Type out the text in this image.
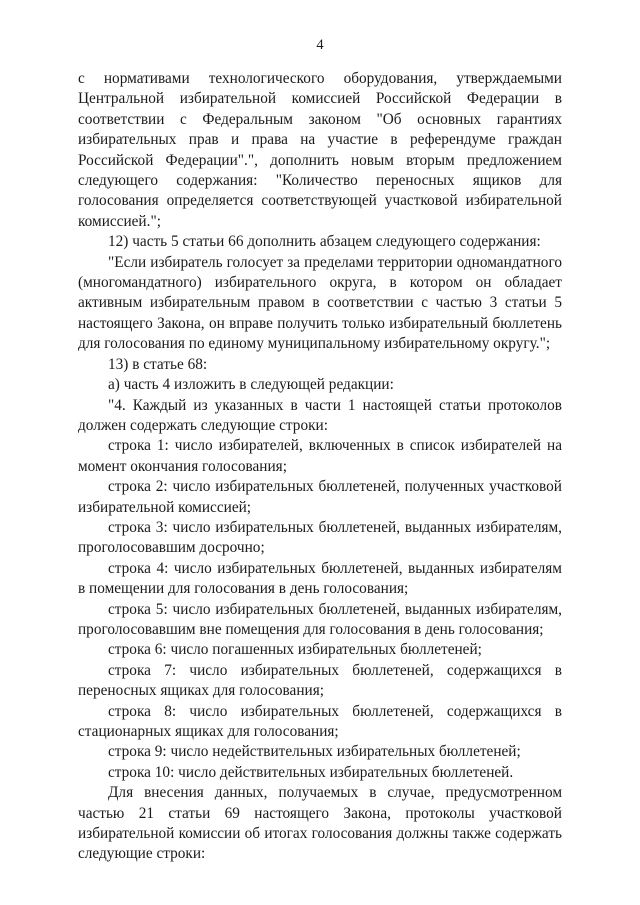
4

с нормативами технологического оборудования, утверждаемыми Центральной избирательной комиссией Российской Федерации в соответствии с Федеральным законом "Об основных гарантиях избирательных прав и права на участие в референдуме граждан Российской Федерации".", дополнить новым вторым предложением следующего содержания: "Количество переносных ящиков для голосования определяется соответствующей участковой избирательной комиссией.";

12) часть 5 статьи 66 дополнить абзацем следующего содержания:

"Если избиратель голосует за пределами территории одномандатного (многомандатного) избирательного округа, в котором он обладает активным избирательным правом в соответствии с частью 3 статьи 5 настоящего Закона, он вправе получить только избирательный бюллетень для голосования по единому муниципальному избирательному округу.";

13) в статье 68:

а) часть 4 изложить в следующей редакции:

"4. Каждый из указанных в части 1 настоящей статьи протоколов должен содержать следующие строки:

строка 1: число избирателей, включенных в список избирателей на момент окончания голосования;

строка 2: число избирательных бюллетеней, полученных участковой избирательной комиссией;

строка 3: число избирательных бюллетеней, выданных избирателям, проголосовавшим досрочно;

строка 4: число избирательных бюллетеней, выданных избирателям в помещении для голосования в день голосования;

строка 5: число избирательных бюллетеней, выданных избирателям, проголосовавшим вне помещения для голосования в день голосования;

строка 6: число погашенных избирательных бюллетеней;

строка 7: число избирательных бюллетеней, содержащихся в переносных ящиках для голосования;

строка 8: число избирательных бюллетеней, содержащихся в стационарных ящиках для голосования;

строка 9: число недействительных избирательных бюллетеней;

строка 10: число действительных избирательных бюллетеней.

Для внесения данных, получаемых в случае, предусмотренном частью 21 статьи 69 настоящего Закона, протоколы участковой избирательной комиссии об итогах голосования должны также содержать следующие строки:
